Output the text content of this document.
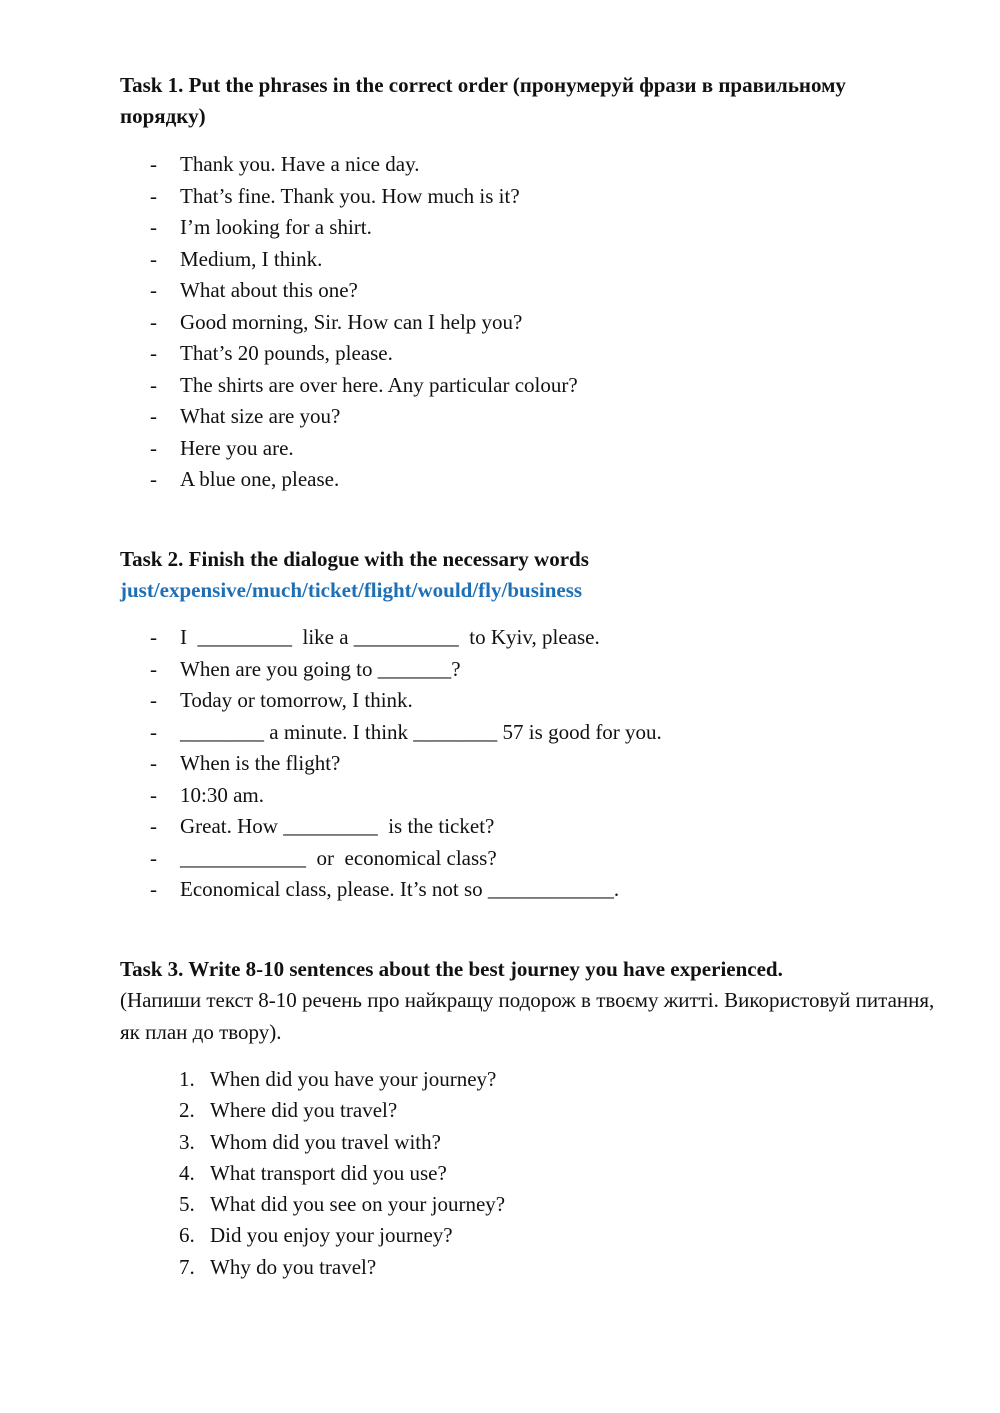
Task 1. Put the phrases in the correct order (пронумеруй фрази в правильному порядку)
- Thank you. Have a nice day.
- That’s fine. Thank you. How much is it?
- I’m looking for a shirt.
- Medium, I think.
- What about this one?
- Good morning, Sir. How can I help you?
- That’s 20 pounds, please.
- The shirts are over here. Any particular colour?
- What size are you?
- Here you are.
- A blue one, please.
Task 2. Finish the dialogue with the necessary words
just/expensive/much/ticket/flight/would/fly/business
- I  _________  like a __________  to Kyiv, please.
- When are you going to _______?
- Today or tomorrow, I think.
- ________ a minute. I think ________ 57 is good for you.
- When is the flight?
- 10:30 am.
- Great. How _________  is the ticket?
- ____________  or  economical class?
- Economical class, please. It’s not so ____________.
Task 3. Write 8-10 sentences about the best journey you have experienced.
(Напиши текст 8-10 речень про найкращу подорож в твоєму житті. Використовуй питання, як план до твору).
1. When did you have your journey?
2. Where did you travel?
3. Whom did you travel with?
4. What transport did you use?
5. What did you see on your journey?
6. Did you enjoy your journey?
7. Why do you travel?
